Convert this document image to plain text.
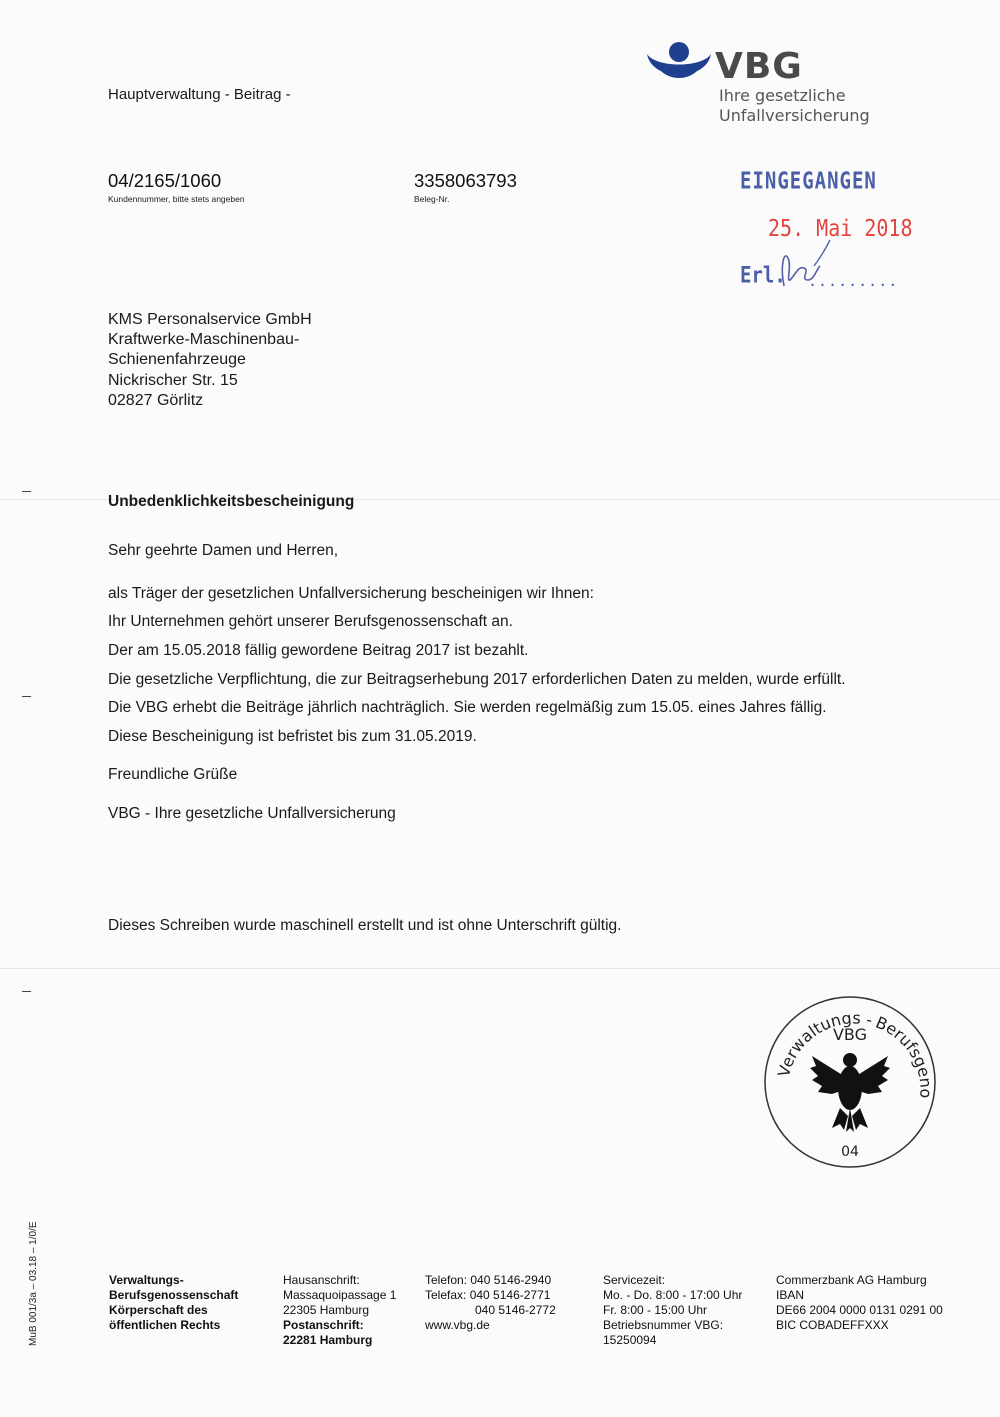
VBG
Ihre gesetzliche
Unfallversicherung
Hauptverwaltung - Beitrag -
04/2165/1060
Kundennummer, bitte stets angeben
3358063793
Beleg-Nr.
EINGEGANGEN
25. Mai 2018
Erl. .........
KMS Personalservice GmbH
Kraftwerke-Maschinenbau-
Schienenfahrzeuge
Nickrischer Str. 15
02827 Görlitz
Unbedenklichkeitsbescheinigung
Sehr geehrte Damen und Herren,
als Träger der gesetzlichen Unfallversicherung bescheinigen wir Ihnen:
Ihr Unternehmen gehört unserer Berufsgenossenschaft an.
Der am 15.05.2018 fällig gewordene Beitrag 2017 ist bezahlt.
Die gesetzliche Verpflichtung, die zur Beitragserhebung 2017 erforderlichen Daten zu melden, wurde erfüllt.
Die VBG erhebt die Beiträge jährlich nachträglich. Sie werden regelmäßig zum 15.05. eines Jahres fällig.
Diese Bescheinigung ist befristet bis zum 31.05.2019.
Freundliche Grüße
VBG - Ihre gesetzliche Unfallversicherung
Dieses Schreiben wurde maschinell erstellt und ist ohne Unterschrift gültig.
Verwaltungs -Berufsgeno
VBG
04
MuB 001/3a – 03.18 – 1/0/E	Verwaltungs-
Berufsgenossenschaft
Körperschaft des
öffentlichen Rechts
Hausanschrift:
Massaquoipassage 1
22305 Hamburg
Postanschrift:
22281 Hamburg
Telefon: 040 5146-2940
Telefax: 040 5146-2771
040 5146-2772
www.vbg.de
Servicezeit:
Mo. - Do. 8:00 - 17:00 Uhr
Fr. 8:00 - 15:00 Uhr
Betriebsnummer VBG:
15250094
Commerzbank AG Hamburg
IBAN
DE66 2004 0000 0131 0291 00
BIC COBADEFFXXX
